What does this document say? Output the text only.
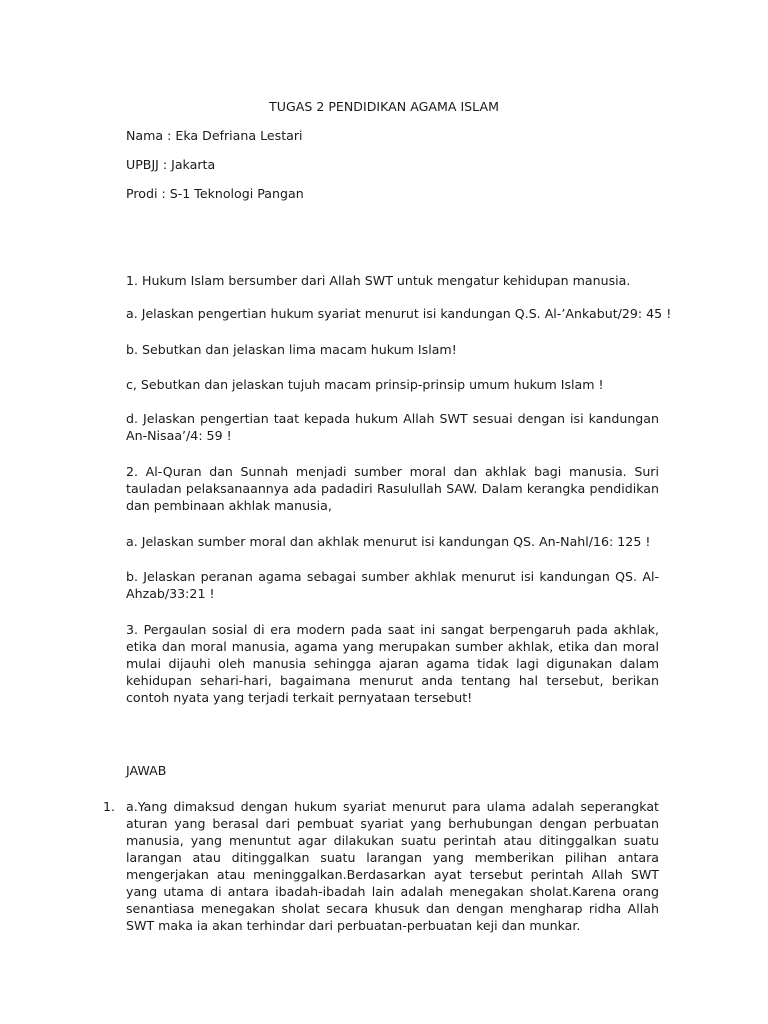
TUGAS 2 PENDIDIKAN AGAMA ISLAM
Nama : Eka Defriana Lestari
UPBJJ : Jakarta
Prodi : S-1 Teknologi Pangan
1. Hukum Islam bersumber dari Allah SWT untuk mengatur kehidupan manusia.
a. Jelaskan pengertian hukum syariat menurut isi kandungan Q.S. Al-’Ankabut/29: 45 !
b. Sebutkan dan jelaskan lima macam hukum Islam!
c, Sebutkan dan jelaskan tujuh macam prinsip-prinsip umum hukum Islam !
d. Jelaskan pengertian taat kepada hukum Allah SWT sesuai dengan isi kandungan An-Nisaa’/4: 59 !
2. Al-Quran dan Sunnah menjadi sumber moral dan akhlak bagi manusia. Suri tauladan pelaksanaannya ada padadiri Rasulullah SAW. Dalam kerangka pendidikan dan pembinaan akhlak manusia,
a. Jelaskan sumber moral dan akhlak menurut isi kandungan QS. An-Nahl/16: 125 !
b. Jelaskan peranan agama sebagai sumber akhlak menurut isi kandungan QS. Al-Ahzab/33:21 !
3. Pergaulan sosial di era modern pada saat ini sangat berpengaruh pada akhlak, etika dan moral manusia, agama yang merupakan sumber akhlak, etika dan moral mulai dijauhi oleh manusia sehingga ajaran agama tidak lagi digunakan dalam kehidupan sehari-hari, bagaimana menurut anda tentang hal tersebut, berikan contoh nyata yang terjadi terkait pernyataan tersebut!
JAWAB
1. a.Yang dimaksud dengan hukum syariat menurut para ulama adalah seperangkat aturan yang berasal dari pembuat syariat yang berhubungan dengan perbuatan manusia, yang menuntut agar dilakukan suatu perintah atau ditinggalkan suatu larangan atau ditinggalkan suatu larangan yang memberikan pilihan antara mengerjakan atau meninggalkan.Berdasarkan ayat tersebut perintah Allah SWT yang utama di antara ibadah-ibadah lain adalah menegakan sholat.Karena orang senantiasa menegakan sholat secara khusuk dan dengan mengharap ridha Allah SWT maka ia akan terhindar dari perbuatan-perbuatan keji dan munkar.
